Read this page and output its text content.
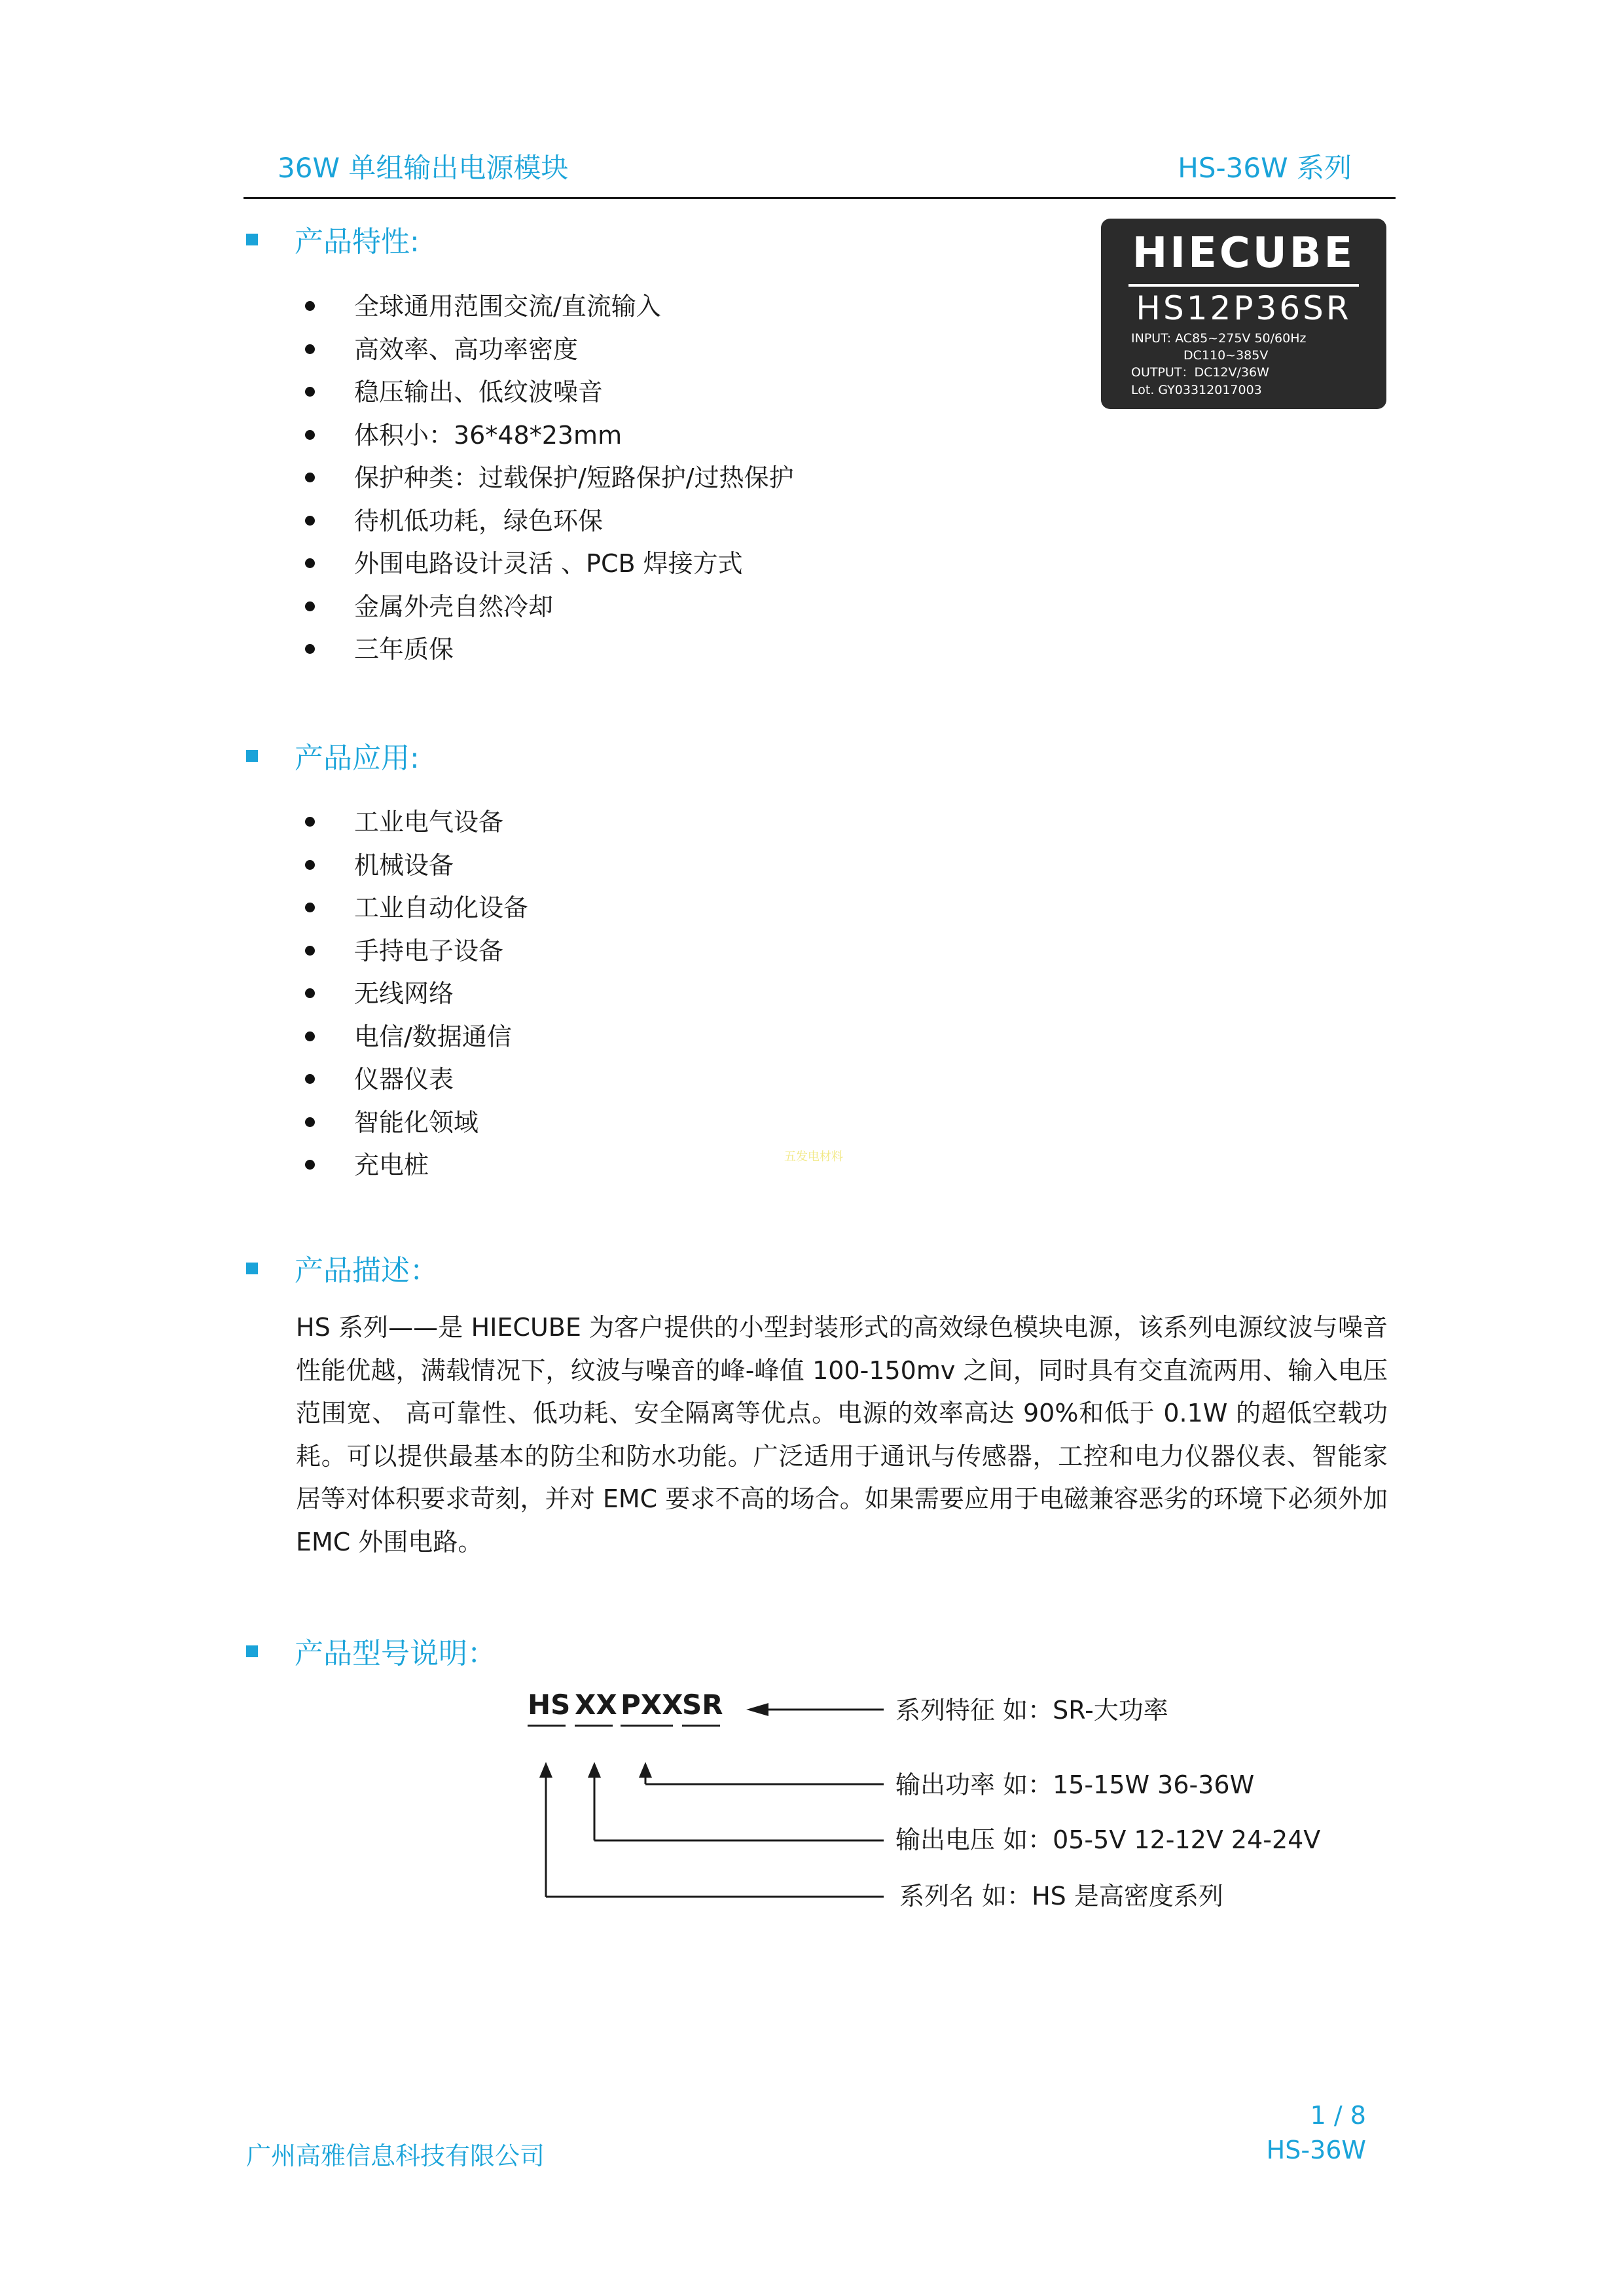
36W 单组输出电源模块	HS-36W 系列
HIECUBE
HS12P36SR
INPUT: AC85~275V 50/60Hz
DC110~385V
OUTPUT：DC12V/36W
Lot. GY03312017003
产品特性:
全球通用范围交流/直流输入
高效率、高功率密度
稳压输出、低纹波噪音
体积小：36*48*23mm
保护种类：过载保护/短路保护/过热保护
待机低功耗，绿色环保
外围电路设计灵活 、PCB 焊接方式
金属外壳自然冷却
三年质保
产品应用:
工业电气设备
机械设备
工业自动化设备
手持电子设备
无线网络
电信/数据通信
仪器仪表
智能化领域
充电桩	五发电材料
产品描述：
HS 系列——是 HIECUBE 为客户提供的小型封装形式的高效绿色模块电源，该系列电源纹波与噪音性能优越，满载情况下，纹波与噪音的峰-峰值 100-150mv 之间，同时具有交直流两用、输入电压范围宽、 高可靠性、低功耗、安全隔离等优点。电源的效率高达 90%和低于 0.1W 的超低空载功耗。可以提供最基本的防尘和防水功能。广泛适用于通讯与传感器，工控和电力仪器仪表、智能家居等对体积要求苛刻，并对 EMC 要求不高的场合。如果需要应用于电磁兼容恶劣的环境下必须外加 EMC 外围电路。
产品型号说明：
HS XX PXX
SR	系列特征 如：SR-大功率
输出功率 如：15-15W 36-36W
输出电压 如：05-5V 12-12V 24-24V
系列名 如：HS 是高密度系列
1 / 8
广州高雅信息科技有限公司	HS-36W
